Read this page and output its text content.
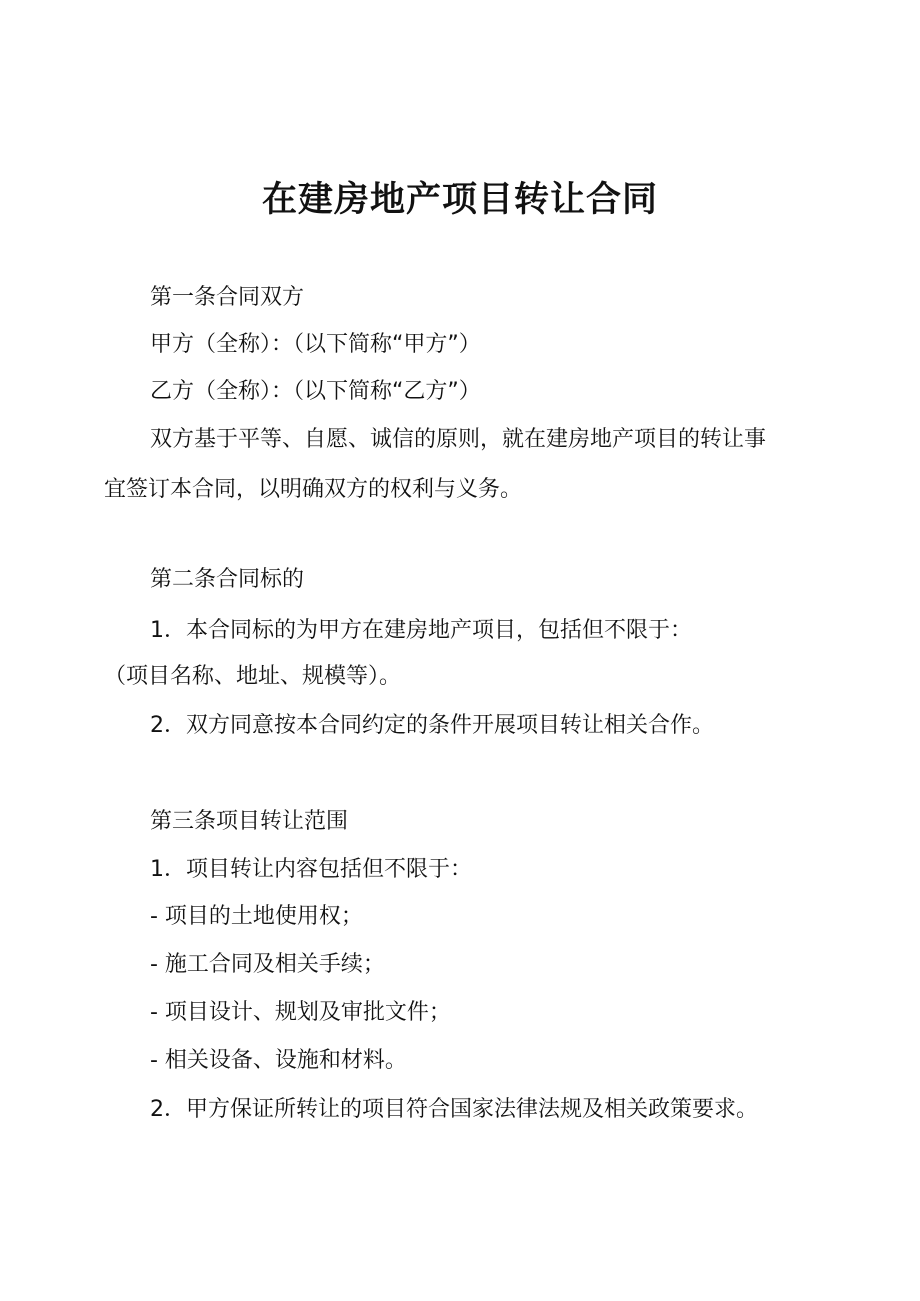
在建房地产项目转让合同
第一条合同双方
甲方（全称）：（以下简称“甲方”）
乙方（全称）：（以下简称“乙方”）
双方基于平等、自愿、诚信的原则，就在建房地产项目的转让事
宜签订本合同，以明确双方的权利与义务。
第二条合同标的
1．本合同标的为甲方在建房地产项目，包括但不限于：
（项目名称、地址、规模等）。
2．双方同意按本合同约定的条件开展项目转让相关合作。
第三条项目转让范围
1．项目转让内容包括但不限于：
- 项目的土地使用权；
- 施工合同及相关手续；
- 项目设计、规划及审批文件；
- 相关设备、设施和材料。
2．甲方保证所转让的项目符合国家法律法规及相关政策要求。
